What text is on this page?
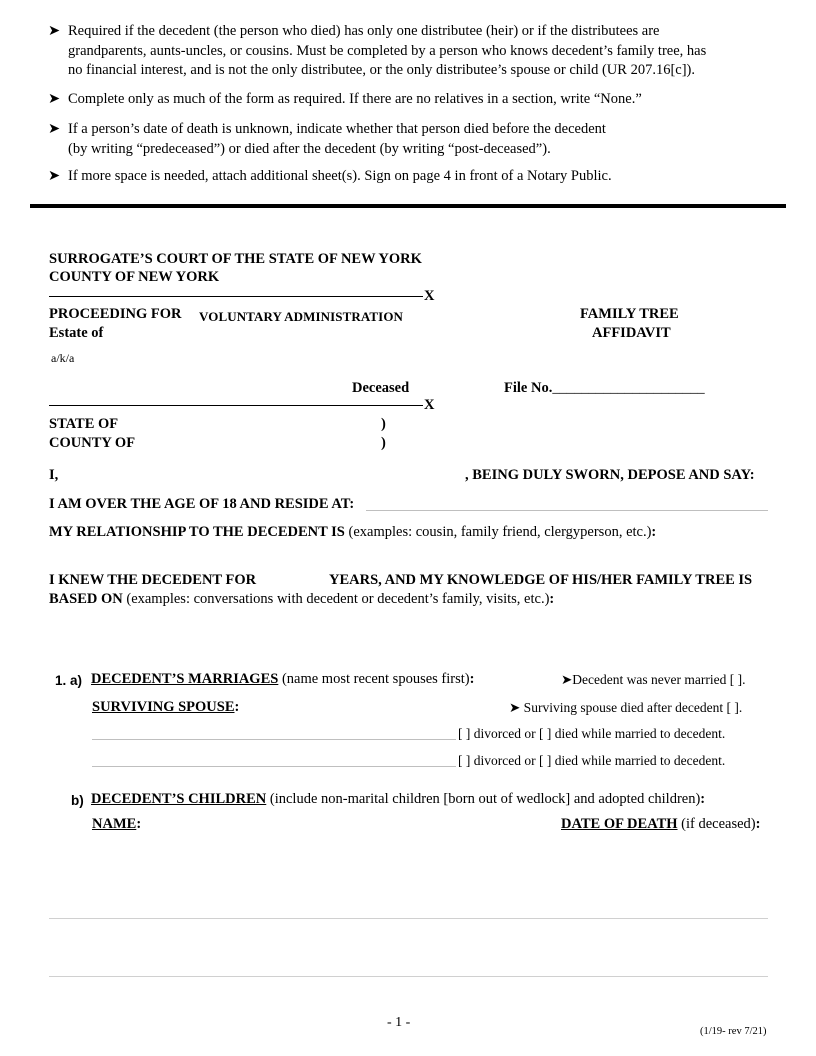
➤ Required if the decedent (the person who died) has only one distributee (heir) or if the distributees are
grandparents, aunts-uncles, or cousins. Must be completed by a person who knows decedent’s family tree, has
no financial interest, and is not the only distributee, or the only distributee’s spouse or child (UR 207.16[c]).
➤ Complete only as much of the form as required. If there are no relatives in a section, write “None.”
➤ If a person’s date of death is unknown, indicate whether that person died before the decedent
(by writing “predeceased”) or died after the decedent (by writing “post-deceased”).
➤ If more space is needed, attach additional sheet(s). Sign on page 4 in front of a Notary Public.
SURROGATE’S COURT OF THE STATE OF NEW YORK
COUNTY OF NEW YORK
X
PROCEEDING FOR VOLUNTARY ADMINISTRATION
Estate of
a/k/a
FAMILY TREE
AFFIDAVIT
Deceased	File No._____________________
X
STATE OF	)
COUNTY OF	)
I,	, BEING DULY SWORN, DEPOSE AND SAY:
I AM OVER THE AGE OF 18 AND RESIDE AT:
MY RELATIONSHIP TO THE DECEDENT IS (examples: cousin, family friend, clergyperson, etc.):
I KNEW THE DECEDENT FOR	YEARS, AND MY KNOWLEDGE OF HIS/HER FAMILY TREE IS
BASED ON (examples: conversations with decedent or decedent’s family, visits, etc.):
1. a) DECEDENT’S MARRIAGES (name most recent spouses first):	➤Decedent was never married [ ].
SURVIVING SPOUSE:	➤ Surviving spouse died after decedent [ ].
[ ] divorced or [ ] died while married to decedent.
[ ] divorced or [ ] died while married to decedent.
b) DECEDENT’S CHILDREN (include non-marital children [born out of wedlock] and adopted children):
NAME:	DATE OF DEATH (if deceased):
- 1 -
(1/19- rev 7/21)
